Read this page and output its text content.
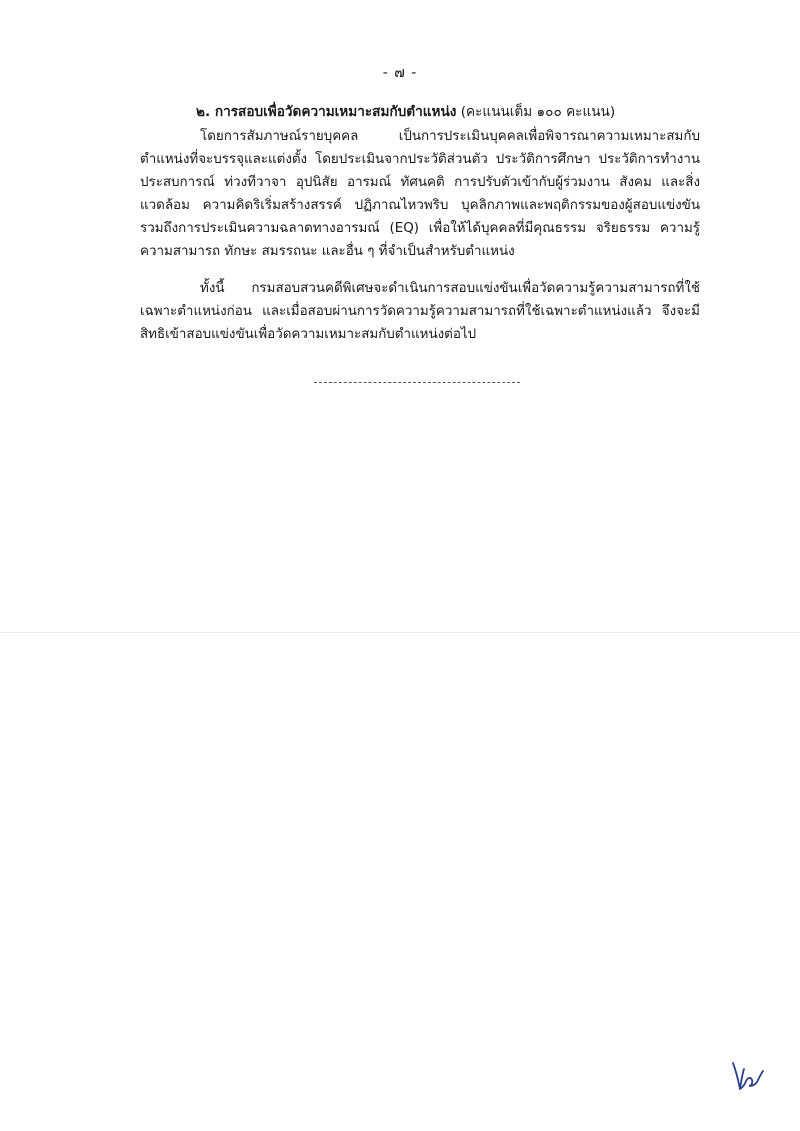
- ๗ -
๒. การสอบเพื่อวัดความเหมาะสมกับตำแหน่ง (คะแนนเต็ม ๑๐๐ คะแนน)

โดยการสัมภาษณ์รายบุคคล เป็นการประเมินบุคคลเพื่อพิจารณาความเหมาะสมกับตำแหน่งที่จะบรรจุและแต่งตั้ง โดยประเมินจากประวัติส่วนตัว ประวัติการศึกษา ประวัติการทำงาน ประสบการณ์ ท่วงทีวาจา อุปนิสัย อารมณ์ ทัศนคติ การปรับตัวเข้ากับผู้ร่วมงาน สังคม และสิ่งแวดล้อม ความคิดริเริ่มสร้างสรรค์ ปฏิภาณไหวพริบ บุคลิกภาพและพฤติกรรมของผู้สอบแข่งขัน รวมถึงการประเมินความฉลาดทางอารมณ์ (EQ) เพื่อให้ได้บุคคลที่มีคุณธรรม จริยธรรม ความรู้ความสามารถ ทักษะ สมรรถนะ และอื่น ๆ ที่จำเป็นสำหรับตำแหน่ง

ทั้งนี้ กรมสอบสวนคดีพิเศษจะดำเนินการสอบแข่งขันเพื่อวัดความรู้ความสามารถที่ใช้เฉพาะตำแหน่งก่อน และเมื่อสอบผ่านการวัดความรู้ความสามารถที่ใช้เฉพาะตำแหน่งแล้ว จึงจะมีสิทธิเข้าสอบแข่งขันเพื่อวัดความเหมาะสมกับตำแหน่งต่อไป
